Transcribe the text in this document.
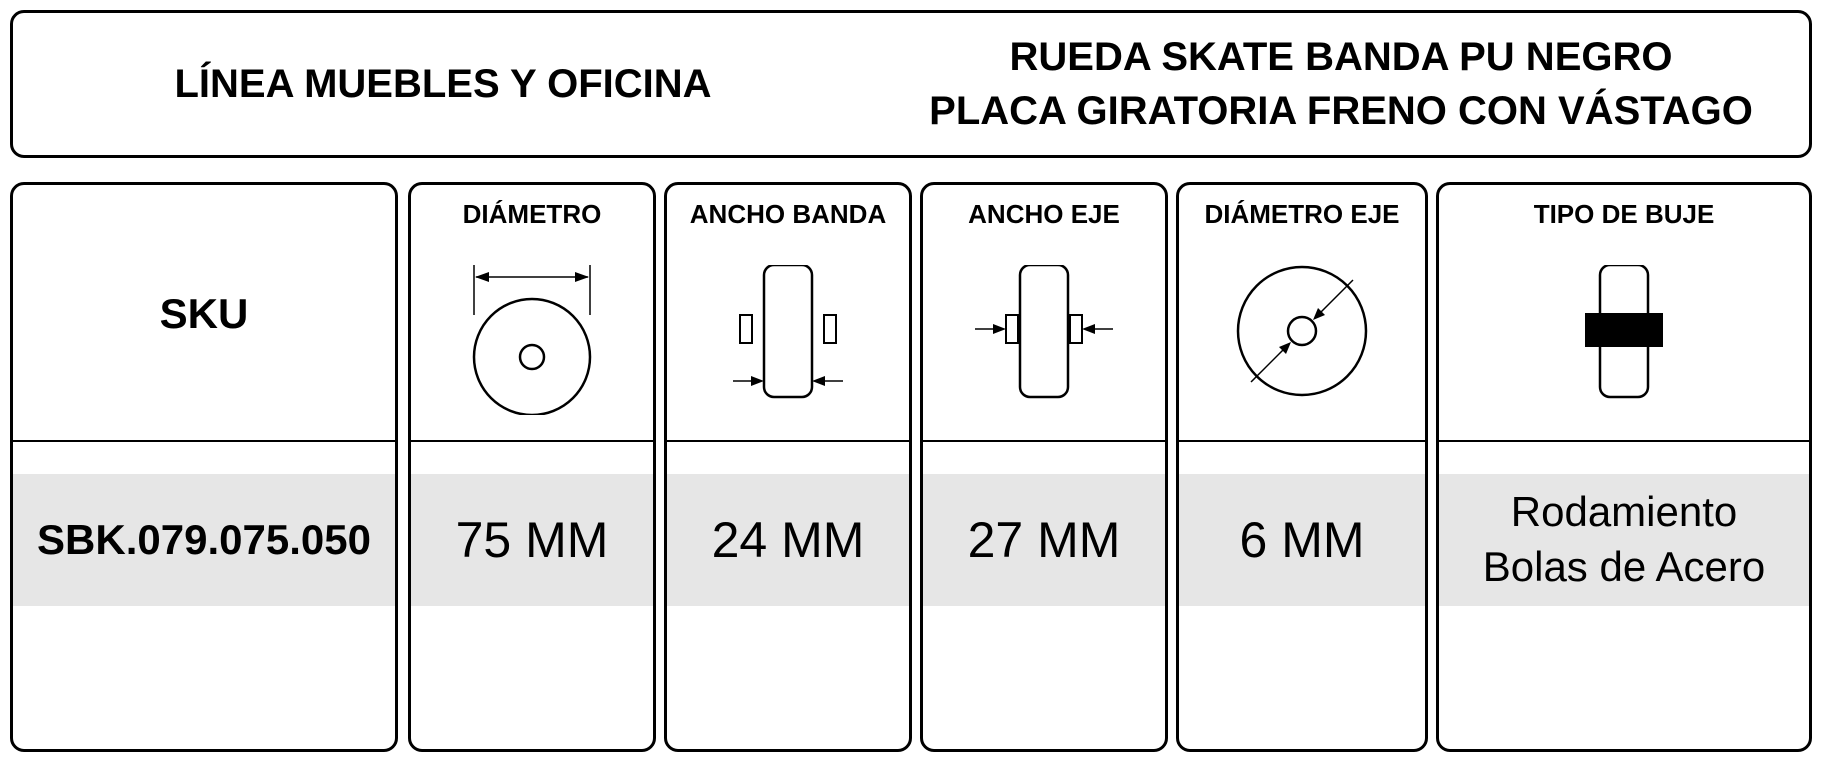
LÍNEA MUEBLES Y OFICINA
RUEDA SKATE BANDA PU NEGRO
PLACA GIRATORIA FRENO CON VÁSTAGO
SKU
SBK.079.075.050
DIÁMETRO
75 MM
ANCHO BANDA
24 MM
ANCHO EJE
27 MM
DIÁMETRO EJE
6 MM
TIPO DE BUJE
Rodamiento
Bolas de Acero
